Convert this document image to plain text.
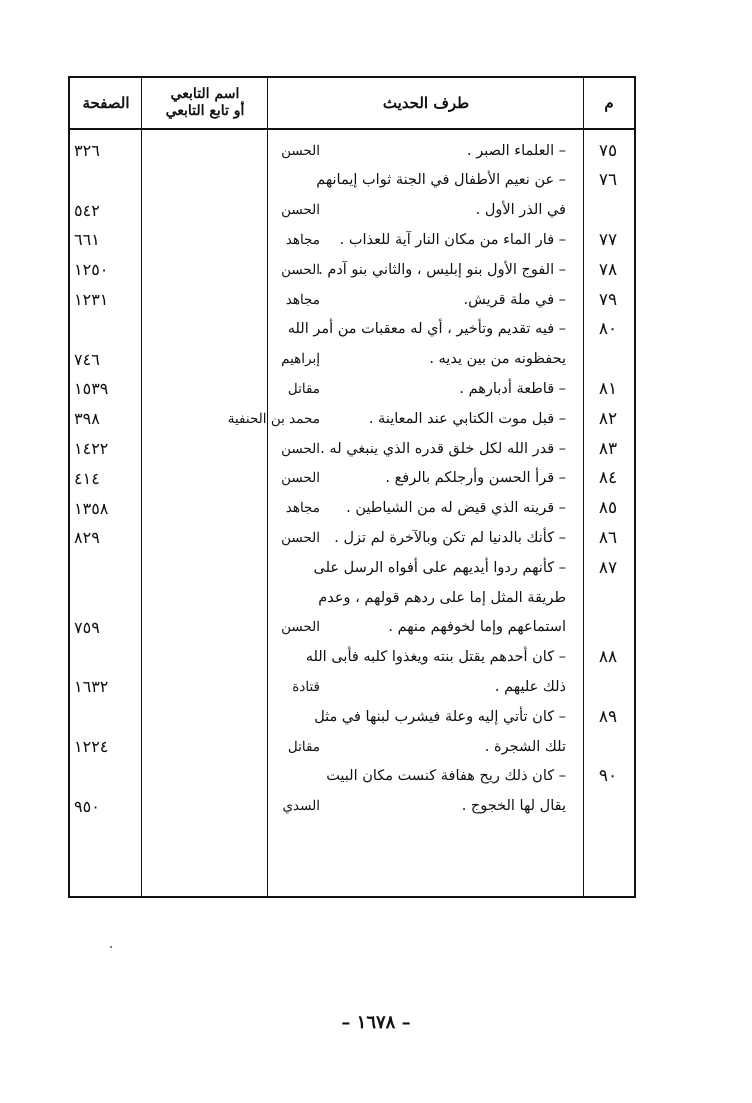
م
طرف الحديث
اسم التابعي
أو تابع التابعي
الصفحة
٧٥
– العلماء الصبر .
الحسن
٣٢٦
٧٦
– عن نعيم الأطفال في الجنة ثواب إيمانهم
في الذر الأول .
الحسن
٥٤٢
٧٧
– فار الماء من مكان النار آية للعذاب .
مجاهد
٦٦١
٧٨
– الفوج الأول بنو إبليس ، والثاني بنو آدم .
الحسن
١٢٥٠
٧٩
– في ملة قريش.
مجاهد
١٢٣١
٨٠
– فيه تقديم وتأخير ، أي له معقبات من أمر الله
يحفظونه من بين يديه .
إبراهيم
٧٤٦
٨١
– قاطعة أدبارهم .
مقاتل
١٥٣٩
٨٢
– قبل موت الكتابي عند المعاينة .
محمد بن الحنفية
٣٩٨
٨٣
– قدر الله لكل خلق قدره الذي ينبغي له .
الحسن
١٤٢٢
٨٤
– قرأ الحسن وأرجلكم بالرفع .
الحسن
٤١٤
٨٥
– قرينه الذي قيض له من الشياطين .
مجاهد
١٣٥٨
٨٦
– كأنك بالدنيا لم تكن وبالآخرة لم تزل .
الحسن
٨٢٩
٨٧
– كأنهم ردوا أيديهم على أفواه الرسل على
طريقة المثل إما على ردهم قولهم ، وعدم
استماعهم وإما لخوفهم منهم .
الحسن
٧٥٩
٨٨
– كان أحدهم يقتل بنته ويغذوا كلبه فأبى الله
ذلك عليهم .
قتادة
١٦٣٢
٨٩
– كان تأتي إليه وعلة فيشرب لبنها في مثل
تلك الشجرة .
مقاتل
١٢٢٤
٩٠
– كان ذلك ريح هفافة كنست مكان البيت
يقال لها الخجوج .
السدي
٩٥٠
– ١٦٧٨ –
